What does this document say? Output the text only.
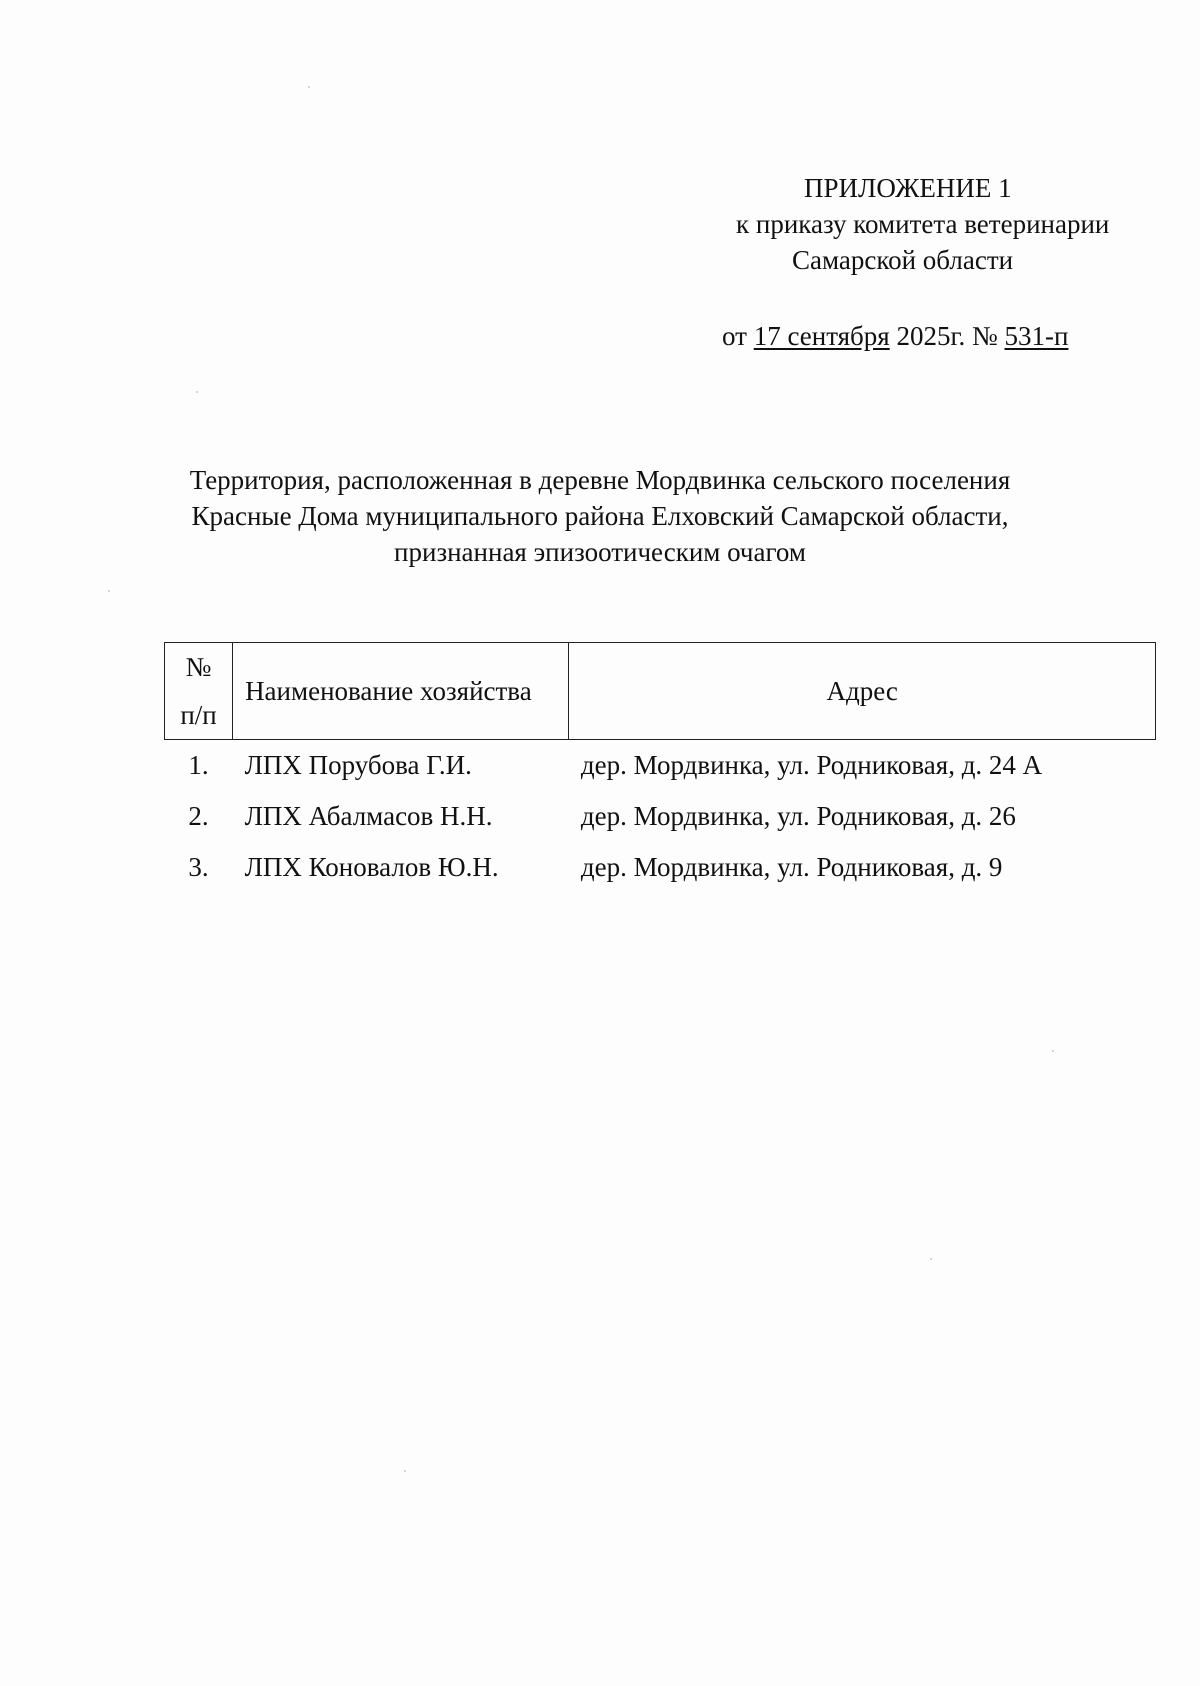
ПРИЛОЖЕНИЕ 1
к приказу комитета ветеринарии
Самарской области
от 17 сентября 2025г. № 531-п
Территория, расположенная в деревне Мордвинка сельского поселения
Красные Дома муниципального района Елховский Самарской области,
признанная эпизоотическим очагом
№
п/п	Наименование хозяйства	Адрес
1.	ЛПХ Порубова Г.И.	дер. Мордвинка, ул. Родниковая, д. 24 А
2.	ЛПХ Абалмасов Н.Н.	дер. Мордвинка, ул. Родниковая, д. 26
3.	ЛПХ Коновалов Ю.Н.	дер. Мордвинка, ул. Родниковая, д. 9
